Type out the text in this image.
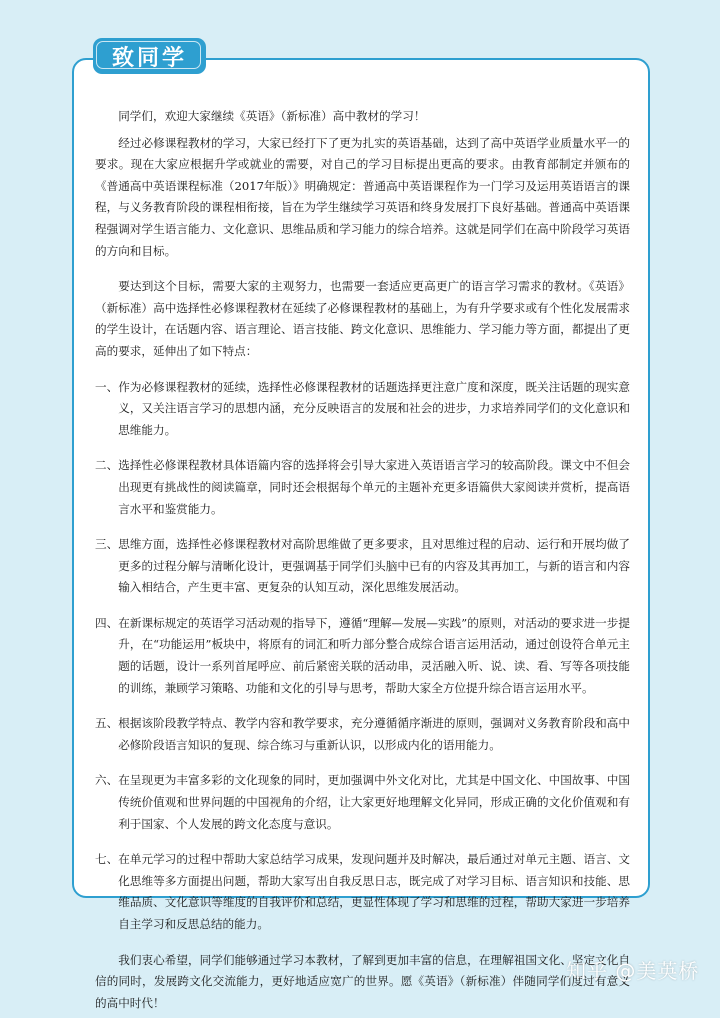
致同学

同学们，欢迎大家继续《英语》（新标准）高中教材的学习！

经过必修课程教材的学习，大家已经打下了更为扎实的英语基础，达到了高中英语学业质量水平一的要求。现在大家应根据升学或就业的需要，对自己的学习目标提出更高的要求。由教育部制定并颁布的《普通高中英语课程标准（2017年版）》明确规定：普通高中英语课程作为一门学习及运用英语语言的课程，与义务教育阶段的课程相衔接，旨在为学生继续学习英语和终身发展打下良好基础。普通高中英语课程强调对学生语言能力、文化意识、思维品质和学习能力的综合培养。这就是同学们在高中阶段学习英语的方向和目标。

要达到这个目标，需要大家的主观努力，也需要一套适应更高更广的语言学习需求的教材。《英语》（新标准）高中选择性必修课程教材在延续了必修课程教材的基础上，为有升学要求或有个性化发展需求的学生设计，在话题内容、语言理论、语言技能、跨文化意识、思维能力、学习能力等方面，都提出了更高的要求，延伸出了如下特点：

一、 作为必修课程教材的延续，选择性必修课程教材的话题选择更注意广度和深度，既关注话题的现实意义，又关注语言学习的思想内涵，充分反映语言的发展和社会的进步，力求培养同学们的文化意识和思维能力。
二、 选择性必修课程教材具体语篇内容的选择将会引导大家进入英语语言学习的较高阶段。课文中不但会出现更有挑战性的阅读篇章，同时还会根据每个单元的主题补充更多语篇供大家阅读并赏析，提高语言水平和鉴赏能力。
三、 思维方面，选择性必修课程教材对高阶思维做了更多要求，且对思维过程的启动、运行和开展均做了更多的过程分解与清晰化设计，更强调基于同学们头脑中已有的内容及其再加工，与新的语言和内容输入相结合，产生更丰富、更复杂的认知互动，深化思维发展活动。
四、 在新课标规定的英语学习活动观的指导下，遵循“理解—发展—实践”的原则，对活动的要求进一步提升，在“功能运用”板块中，将原有的词汇和听力部分整合成综合语言运用活动，通过创设符合单元主题的话题，设计一系列首尾呼应、前后紧密关联的活动串，灵活融入听、说、读、看、写等各项技能的训练，兼顾学习策略、功能和文化的引导与思考，帮助大家全方位提升综合语言运用水平。
五、 根据该阶段教学特点、教学内容和教学要求，充分遵循循序渐进的原则，强调对义务教育阶段和高中必修阶段语言知识的复现、综合练习与重新认识，以形成内化的语用能力。
六、 在呈现更为丰富多彩的文化现象的同时，更加强调中外文化对比，尤其是中国文化、中国故事、中国传统价值观和世界问题的中国视角的介绍，让大家更好地理解文化异同，形成正确的文化价值观和有利于国家、个人发展的跨文化态度与意识。
七、 在单元学习的过程中帮助大家总结学习成果，发现问题并及时解决，最后通过对单元主题、语言、文化思维等多方面提出问题，帮助大家写出自我反思日志，既完成了对学习目标、语言知识和技能、思维品质、文化意识等维度的自我评价和总结，更显性体现了学习和思维的过程，帮助大家进一步培养自主学习和反思总结的能力。

我们衷心希望，同学们能够通过学习本教材，了解到更加丰富的信息，在理解祖国文化、坚定文化自信的同时，发展跨文化交流能力，更好地适应宽广的世界。愿《英语》（新标准）伴随同学们度过有意义的高中时代！

知乎 @美英桥
